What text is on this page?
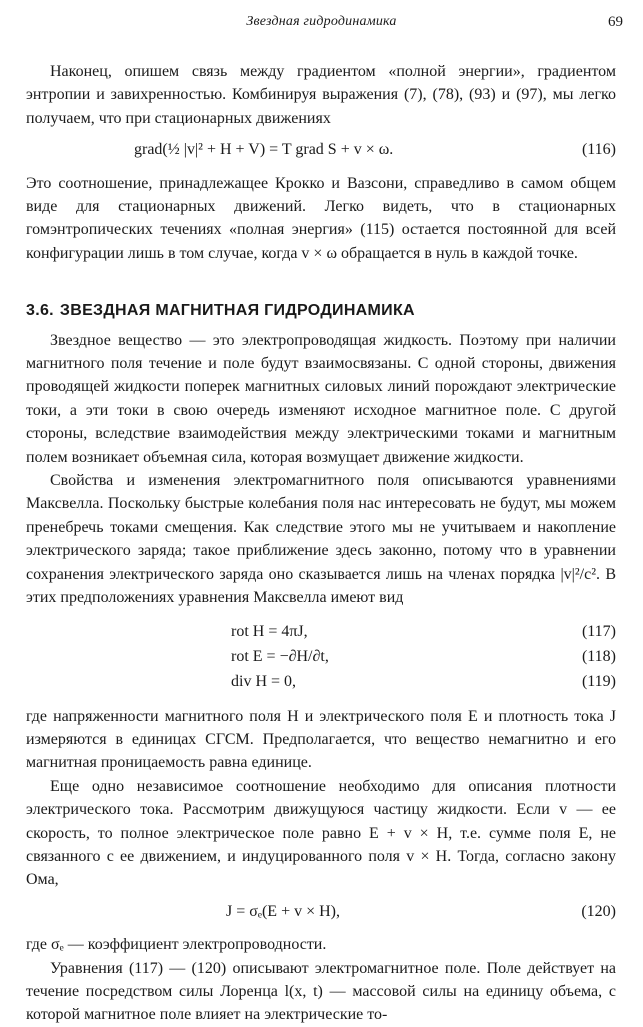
Звездная гидродинамика	69

Наконец, опишем связь между градиентом «полной энергии», градиентом энтропии и завихренностью. Комбинируя выражения (7), (78), (93) и (97), мы легко получаем, что при стационарных движениях

grad(½ |v|² + H + V) = T grad S + v × ω.	(116)

Это соотношение, принадлежащее Крокко и Вазсони, справедливо в самом общем виде для стационарных движений. Легко видеть, что в стационарных гомэнтропических течениях «полная энергия» (115) остается постоянной для всей конфигурации лишь в том случае, когда v × ω обращается в нуль в каждой точке.

3.6. ЗВЕЗДНАЯ МАГНИТНАЯ ГИДРОДИНАМИКА

Звездное вещество — это электропроводящая жидкость. Поэтому при наличии магнитного поля течение и поле будут взаимосвязаны. С одной стороны, движения проводящей жидкости поперек магнитных силовых линий порождают электрические токи, а эти токи в свою очередь изменяют исходное магнитное поле. С другой стороны, вследствие взаимодействия между электрическими токами и магнитным полем возникает объемная сила, которая возмущает движение жидкости.

Свойства и изменения электромагнитного поля описываются уравнениями Максвелла. Поскольку быстрые колебания поля нас интересовать не будут, мы можем пренебречь токами смещения. Как следствие этого мы не учитываем и накопление электрического заряда; такое приближение здесь законно, потому что в уравнении сохранения электрического заряда оно сказывается лишь на членах порядка |v|²/c². В этих предположениях уравнения Максвелла имеют вид

rot H = 4πJ,	(117)
rot E = −∂H/∂t,	(118)
div H = 0,	(119)

где напряженности магнитного поля H и электрического поля E и плотность тока J измеряются в единицах СГСМ. Предполагается, что вещество немагнитно и его магнитная проницаемость равна единице.

Еще одно независимое соотношение необходимо для описания плотности электрического тока. Рассмотрим движущуюся частицу жидкости. Если v — ее скорость, то полное электрическое поле равно E + v × H, т.е. сумме поля E, не связанного с ее движением, и индуцированного поля v × H. Тогда, согласно закону Ома,

J = σₑ(E + v × H),	(120)

где σₑ — коэффициент электропроводности.

Уравнения (117) — (120) описывают электромагнитное поле. Поле действует на течение посредством силы Лоренца l(x, t) — массовой силы на единицу объема, с которой магнитное поле влияет на электрические то-
